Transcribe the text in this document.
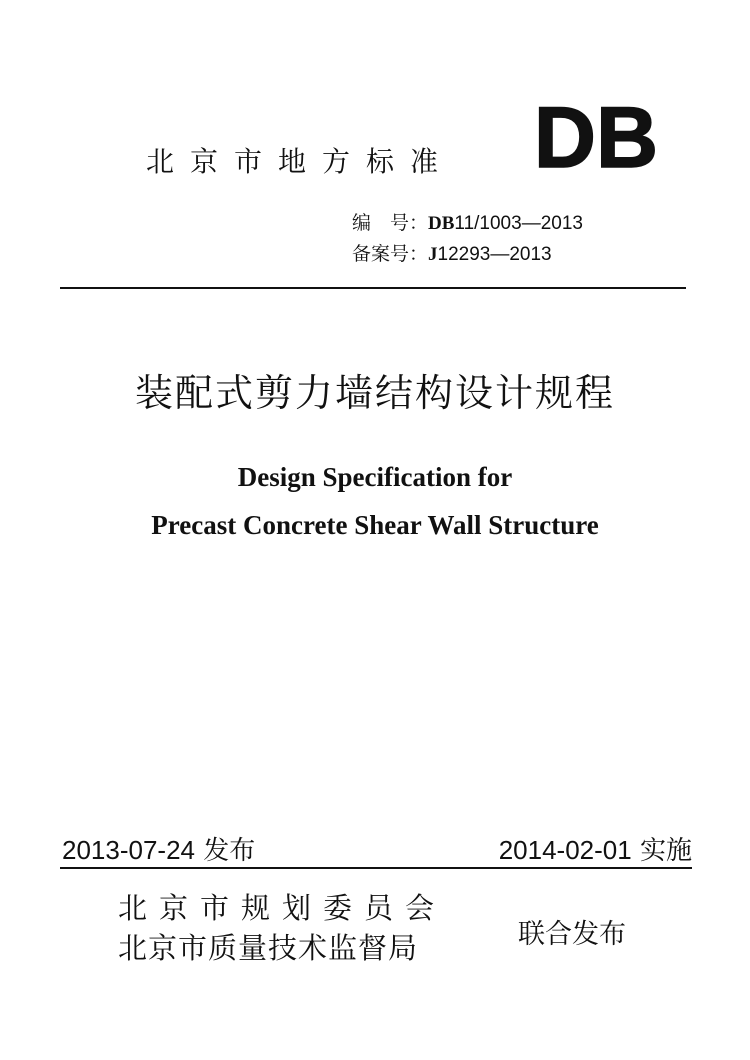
北京市地方标准 DB
编　号：DB11/1003—2013
备案号：J12293—2013
装配式剪力墙结构设计规程
Design Specification for
Precast Concrete Shear Wall Structure
2013-07-24 发布	2014-02-01 实施
北京市规划委员会
北京市质量技术监督局	联合发布
